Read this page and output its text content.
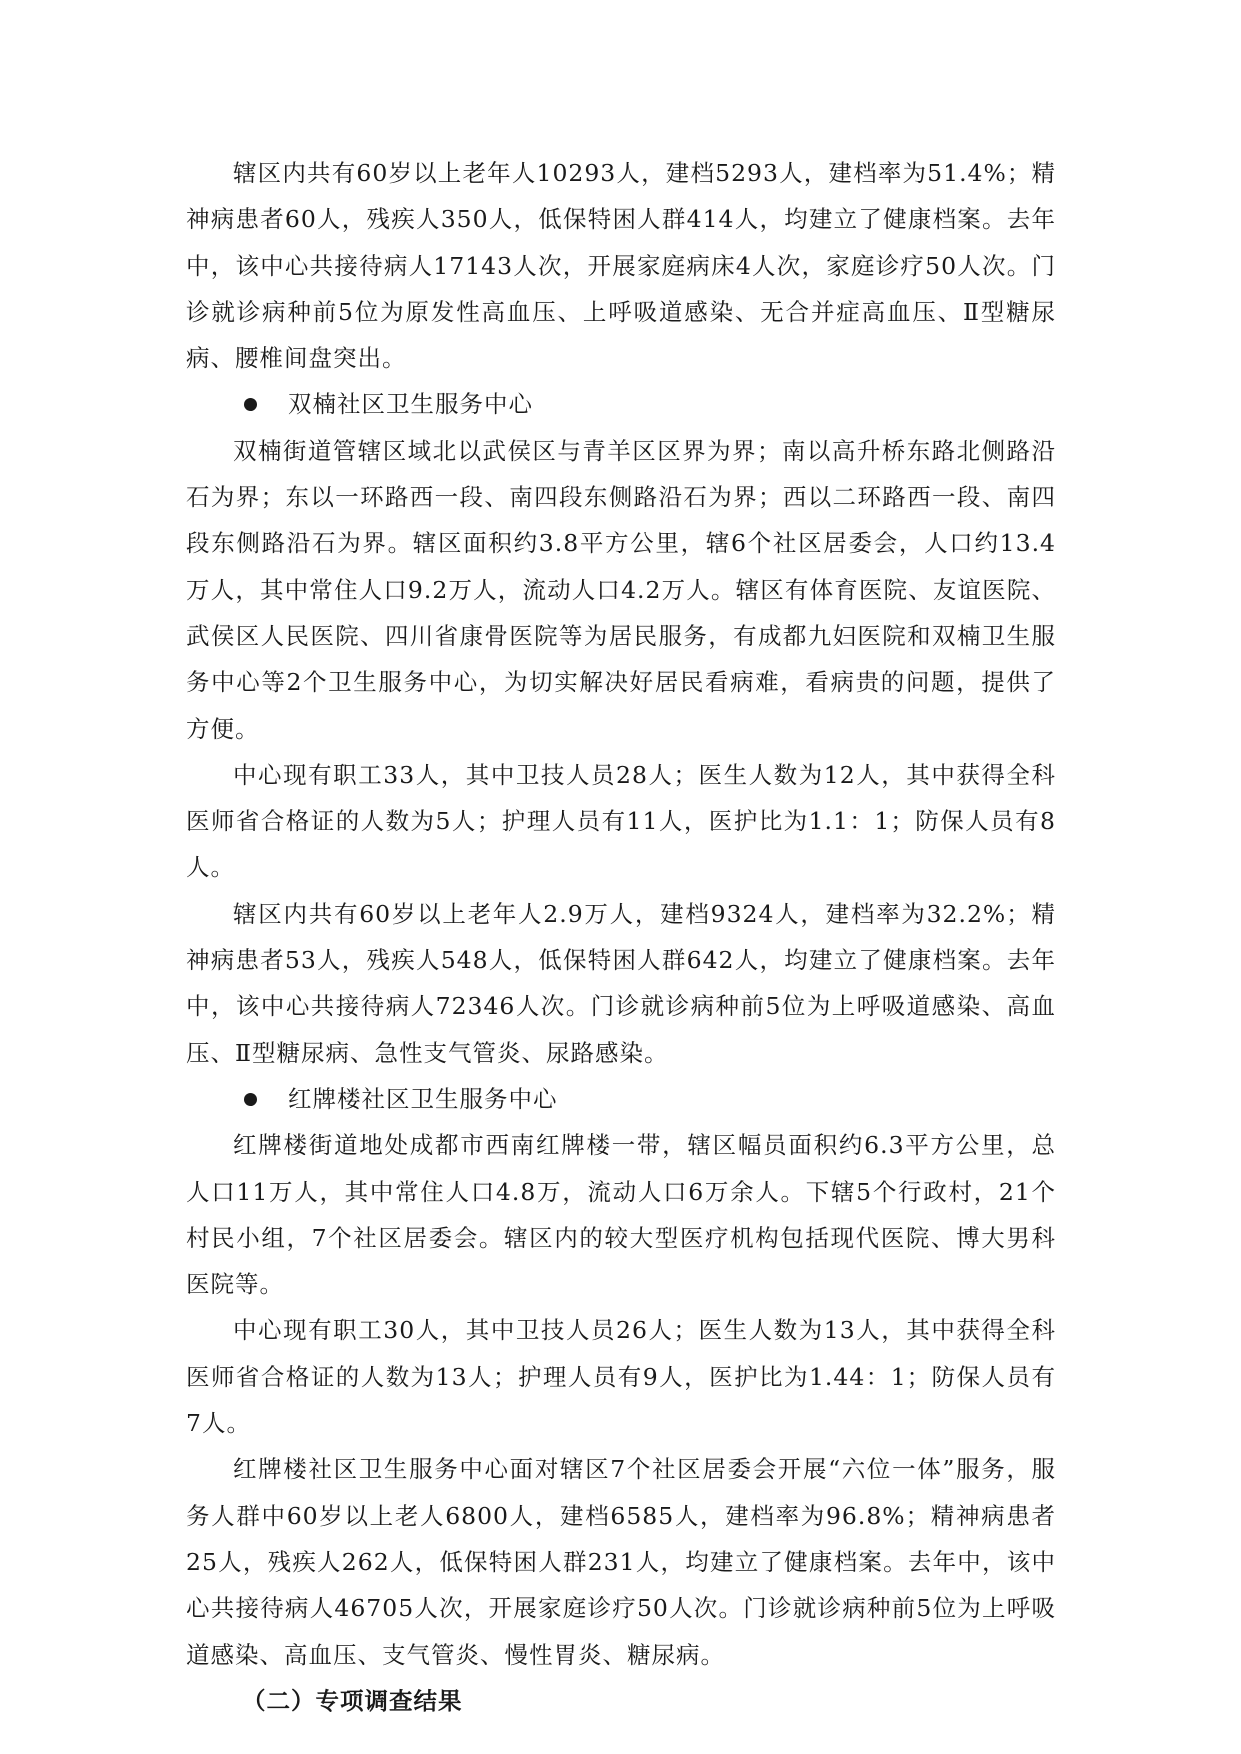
辖区内共有60岁以上老年人10293人，建档5293人，建档率为51.4%；精神病患者60人，残疾人350人，低保特困人群414人，均建立了健康档案。去年中，该中心共接待病人17143人次，开展家庭病床4人次，家庭诊疗50人次。门诊就诊病种前5位为原发性高血压、上呼吸道感染、无合并症高血压、Ⅱ型糖尿病、腰椎间盘突出。

双楠社区卫生服务中心

双楠街道管辖区域北以武侯区与青羊区区界为界；南以高升桥东路北侧路沿石为界；东以一环路西一段、南四段东侧路沿石为界；西以二环路西一段、南四段东侧路沿石为界。辖区面积约3.8平方公里，辖6个社区居委会，人口约13.4万人，其中常住人口9.2万人，流动人口4.2万人。辖区有体育医院、友谊医院、武侯区人民医院、四川省康骨医院等为居民服务，有成都九妇医院和双楠卫生服务中心等2个卫生服务中心，为切实解决好居民看病难，看病贵的问题，提供了方便。

中心现有职工33人，其中卫技人员28人；医生人数为12人，其中获得全科医师省合格证的人数为5人；护理人员有11人，医护比为1.1：1；防保人员有8人。

辖区内共有60岁以上老年人2.9万人，建档9324人，建档率为32.2%；精神病患者53人，残疾人548人，低保特困人群642人，均建立了健康档案。去年中，该中心共接待病人72346人次。门诊就诊病种前5位为上呼吸道感染、高血压、Ⅱ型糖尿病、急性支气管炎、尿路感染。

红牌楼社区卫生服务中心

红牌楼街道地处成都市西南红牌楼一带，辖区幅员面积约6.3平方公里，总人口11万人，其中常住人口4.8万，流动人口6万余人。下辖5个行政村，21个村民小组，7个社区居委会。辖区内的较大型医疗机构包括现代医院、博大男科医院等。

中心现有职工30人，其中卫技人员26人；医生人数为13人，其中获得全科医师省合格证的人数为13人；护理人员有9人，医护比为1.44：1；防保人员有7人。

红牌楼社区卫生服务中心面对辖区7个社区居委会开展“六位一体”服务，服务人群中60岁以上老人6800人，建档6585人，建档率为96.8%；精神病患者25人，残疾人262人，低保特困人群231人，均建立了健康档案。去年中，该中心共接待病人46705人次，开展家庭诊疗50人次。门诊就诊病种前5位为上呼吸道感染、高血压、支气管炎、慢性胃炎、糖尿病。

（二）专项调查结果
